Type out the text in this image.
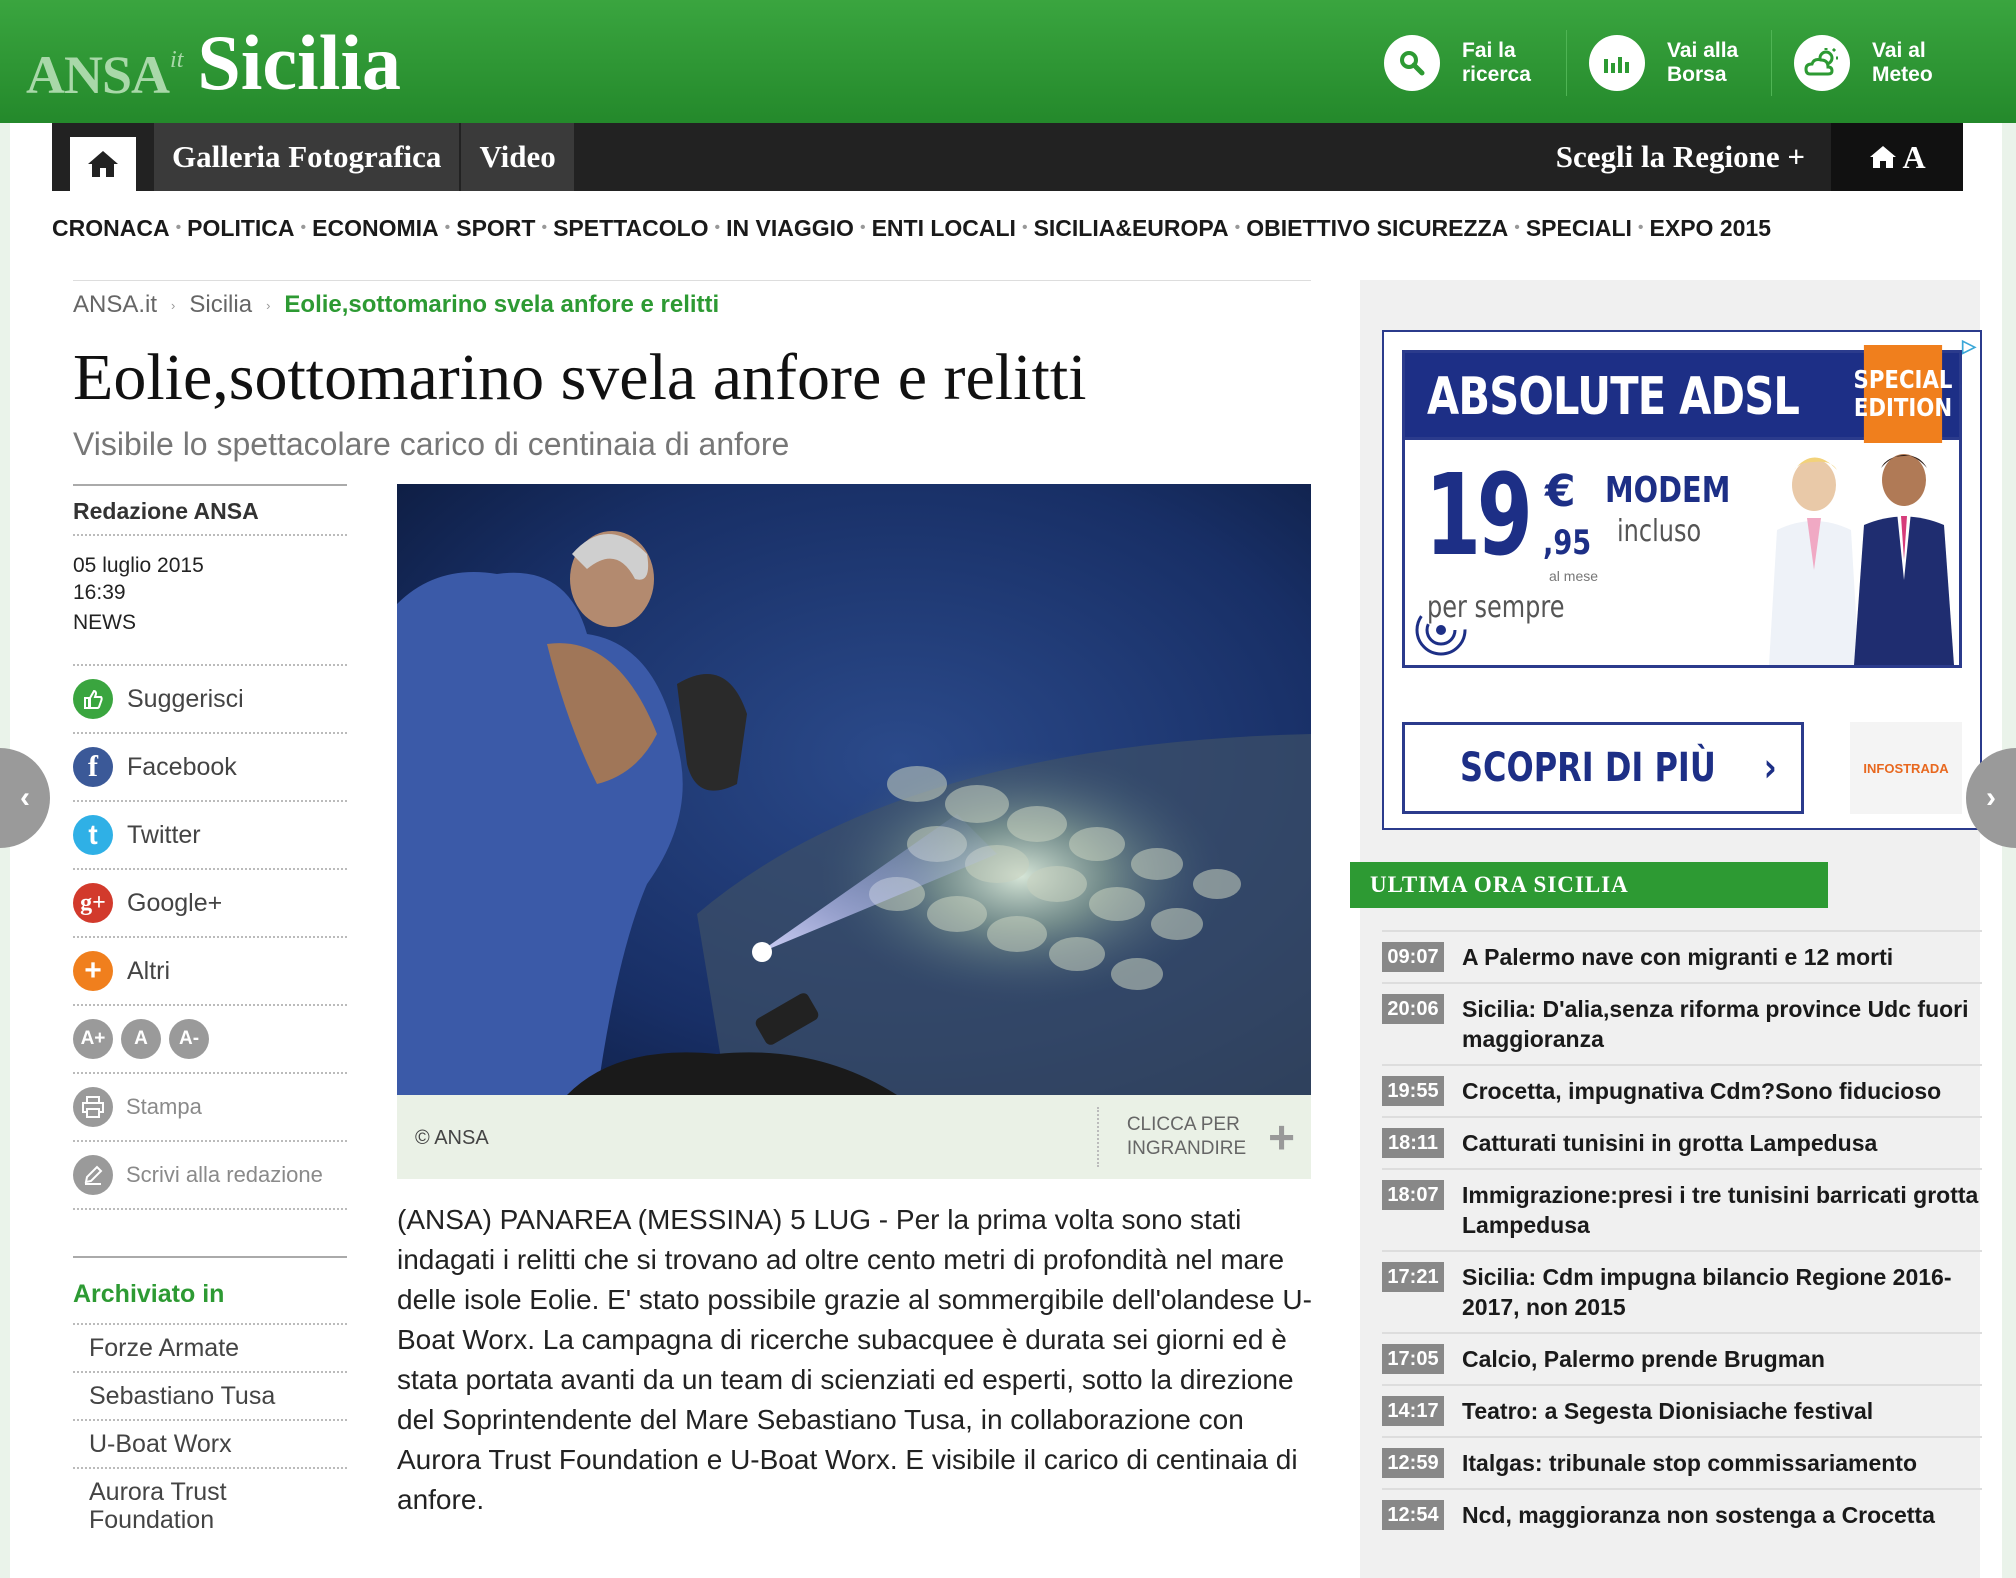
ANSA it Sicilia	Fai la
ricerca
Vai alla
Borsa
Vai al
Meteo
Galleria Fotografica	Video	Scegli la Regione +	A
CRONACA • POLITICA • ECONOMIA • SPORT • SPETTACOLO • IN VIAGGIO • ENTI LOCALI • SICILIA&EUROPA • OBIETTIVO SICUREZZA • SPECIALI • EXPO 2015
ANSA.it › Sicilia › Eolie,sottomarino svela anfore e relitti
Eolie,sottomarino svela anfore e relitti
Visibile lo spettacolare carico di centinaia di anfore
Redazione ANSA
05 luglio 2015
16:39
NEWS
Suggerisci
f	Facebook
t	Twitter
g+ Google+
+	Altri
A+	A	A-
Stampa
Scrivi alla redazione
Archiviato in
Forze Armate
Sebastiano Tusa
U-Boat Worx
Aurora Trust Foundation
© ANSA
CLICCA PER
INGRANDIRE +

(ANSA) PANAREA (MESSINA) 5 LUG - Per la prima volta sono stati indagati i relitti che si trovano ad oltre cento metri di profondità nel mare delle isole Eolie. E' stato possibile grazie al sommergibile dell'olandese U-Boat Worx. La campagna di ricerche subacquee è durata sei giorni ed è stata portata avanti da un team di scienziati ed esperti, sotto la direzione del Soprintendente del Mare Sebastiano Tusa, in collaborazione con Aurora Trust Foundation e U-Boat Worx. E visibile il carico di centinaia di anfore.

▷
ABSOLUTE ADSL SPECIAL
EDITION
19 €
,95
al mese
per sempre
MODEM
incluso
SCOPRI DI PIÙ ›	INFOSTRADA
ULTIMA ORA SICILIA
09:07 A Palermo nave con migranti e 12 morti
20:06 Sicilia: D'alia,senza riforma province Udc fuori maggioranza
19:55 Crocetta, impugnativa Cdm?Sono fiducioso
18:11 Catturati tunisini in grotta Lampedusa
18:07 Immigrazione:presi i tre tunisini barricati grotta Lampedusa
17:21 Sicilia: Cdm impugna bilancio Regione 2016-2017, non 2015
17:05 Calcio, Palermo prende Brugman
14:17 Teatro: a Segesta Dionisiache festival
12:59 Italgas: tribunale stop commissariamento
12:54 Ncd, maggioranza non sostenga a Crocetta
‹	›
